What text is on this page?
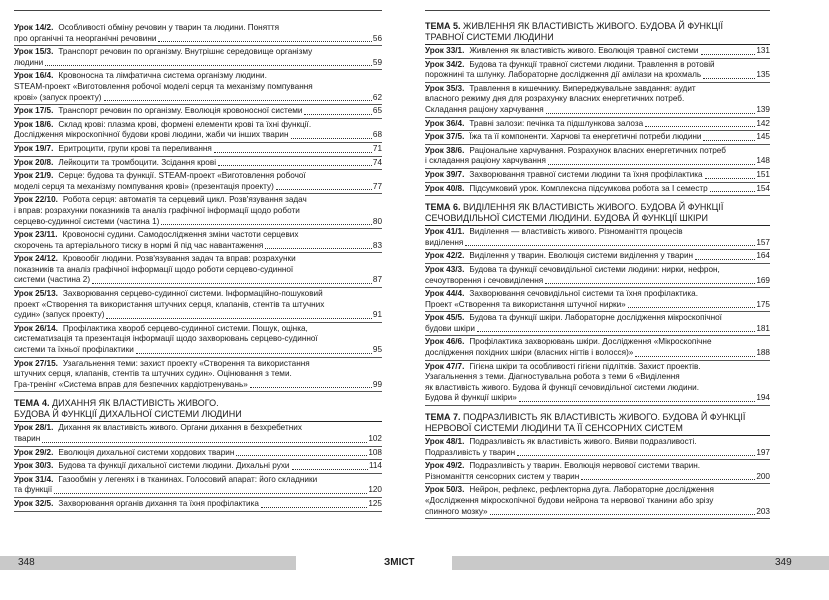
Урок 14/2. Особливості обміну речовин у тварин та людини. Поняття

про органічні та неорганічні речовини	56
Урок 15/3. Транспорт речовин по організму. Внутрішнє середовище організму

людини	59
Урок 16/4. Кровоносна та лімфатична система організму людини.
STEAM-проект «Виготовлення робочої моделі серця та механізму помпування

крові» (запуск проекту)	62
Урок 17/5. Транспорт речовин по організму. Еволюція кровоносної системи	65
Урок 18/6. Склад крові: плазма крові, формені елементи крові та їхні функції.

Дослідження мікроскопічної будови крові людини, жаби чи інших тварин	68
Урок 19/7. Еритроцити, групи крові та переливання	71
Урок 20/8. Лейкоцити та тромбоцити. Зсідання крові	74
Урок 21/9. Серце: будова та функції. STEAM-проект «Виготовлення робочої

моделі серця та механізму помпування крові» (презентація проекту)	77
Урок 22/10. Робота серця: автоматія та серцевий цикл. Розв'язування задач
і вправ: розрахунки показників та аналіз графічної інформації щодо роботи

серцево-судинної системи (частина 1)	80
Урок 23/11. Кровоносні судини. Самодослідження зміни частоти серцевих

скорочень та артеріального тиску в нормі й під час навантаження	83
Урок 24/12. Кровообіг людини. Розв'язування задач та вправ: розрахунки
показників та аналіз графічної інформації щодо роботи серцево-судинної

системи (частина 2)	87
Урок 25/13. Захворювання серцево-судинної системи. Інформаційно-пошуковий
проект «Створення та використання штучних серця, клапанів, стентів та штучних

судин» (запуск проекту)	91
Урок 26/14. Профілактика хвороб серцево-судинної системи. Пошук, оцінка,
систематизація та презентація інформації щодо захворювань серцево-судинної

системи та їхньої профілактики	95
Урок 27/15. Узагальнення теми: захист проекту «Створення та використання
штучних серця, клапанів, стентів та штучних судин». Оцінювання з теми.

Гра-тренінг «Система вправ для безпечних кардіотренувань»	99
ТЕМА 4. ДИХАННЯ ЯК ВЛАСТИВІСТЬ ЖИВОГО.
БУДОВА Й ФУНКЦІЇ ДИХАЛЬНОЇ СИСТЕМИ ЛЮДИНИ
Урок 28/1. Дихання як властивість живого. Органи дихання в безхребетних

тварин	102
Урок 29/2. Еволюція дихальної системи хордових тварин	108
Урок 30/3. Будова та функції дихальної системи людини. Дихальні рухи	114
Урок 31/4. Газообмін у легенях і в тканинах. Голосовий апарат: його складники

та функції	120
Урок 32/5. Захворювання органів дихання та їхня профілактика	125
ТЕМА 5. ЖИВЛЕННЯ ЯК ВЛАСТИВІСТЬ ЖИВОГО. БУДОВА Й ФУНКЦІЇ
ТРАВНОЇ СИСТЕМИ ЛЮДИНИ
Урок 33/1. Живлення як властивість живого. Еволюція травної системи	131
Урок 34/2. Будова та функції травної системи людини. Травлення в ротовій

порожнині та шлунку. Лабораторне дослідження дії амілази на крохмаль	135
Урок 35/3. Травлення в кишечнику. Випереджувальне завдання: аудит
власного режиму дня для розрахунку власних енергетичних потреб.

Складання раціону харчування	139
Урок 36/4. Травні залози: печінка та підшлункова залоза	142
Урок 37/5. Їжа та її компоненти. Харчові та енергетичні потреби людини	145
Урок 38/6. Раціональне харчування. Розрахунок власних енергетичних потреб

і складання раціону харчування	148
Урок 39/7. Захворювання травної системи людини та їхня профілактика	151
Урок 40/8. Підсумковий урок. Комплексна підсумкова робота за І семестр	154
ТЕМА 6. ВИДІЛЕННЯ ЯК ВЛАСТИВІСТЬ ЖИВОГО. БУДОВА Й ФУНКЦІЇ
СЕЧОВИДІЛЬНОЇ СИСТЕМИ ЛЮДИНИ. БУДОВА Й ФУНКЦІЇ ШКІРИ
Урок 41/1. Виділення — властивість живого. Різноманіття процесів

виділення	157
Урок 42/2. Виділення у тварин. Еволюція системи виділення у тварин	164
Урок 43/3. Будова та функції сечовидільної системи людини: нирки, нефрон,

сечоутворення і сечовиділення	169
Урок 44/4. Захворювання сечовидільної системи та їхня профілактика.

Проект «Створення та використання штучної нирки»	175
Урок 45/5. Будова та функції шкіри. Лабораторне дослідження мікроскопічної

будови шкіри	181
Урок 46/6. Профілактика захворювань шкіри. Дослідження «Мікроскопічне

дослідження похідних шкіри (власних нігтів і волосся)»	188
Урок 47/7. Гігієна шкіри та особливості гігієни підлітків. Захист проектів.
Узагальнення з теми. Діагностувальна робота з теми 6 «Виділення
як властивість живого. Будова й функції сечовидільної системи людини.

Будова й функції шкіри»	194
ТЕМА 7. ПОДРАЗЛИВІСТЬ ЯК ВЛАСТИВІСТЬ ЖИВОГО. БУДОВА Й ФУНКЦІЇ
НЕРВОВОЇ СИСТЕМИ ЛЮДИНИ ТА ЇЇ СЕНСОРНИХ СИСТЕМ
Урок 48/1. Подразливість як властивість живого. Вияви подразливості.

Подразливість у тварин	197
Урок 49/2. Подразливість у тварин. Еволюція нервової системи тварин.

Різноманіття сенсорних систем у тварин	200
Урок 50/3. Нейрон, рефлекс, рефлекторна дуга. Лабораторне дослідження
«Дослідження мікроскопічної будови нейрона та нервової тканини або зрізу

спинного мозку»	203
348	ЗМІСТ	349
